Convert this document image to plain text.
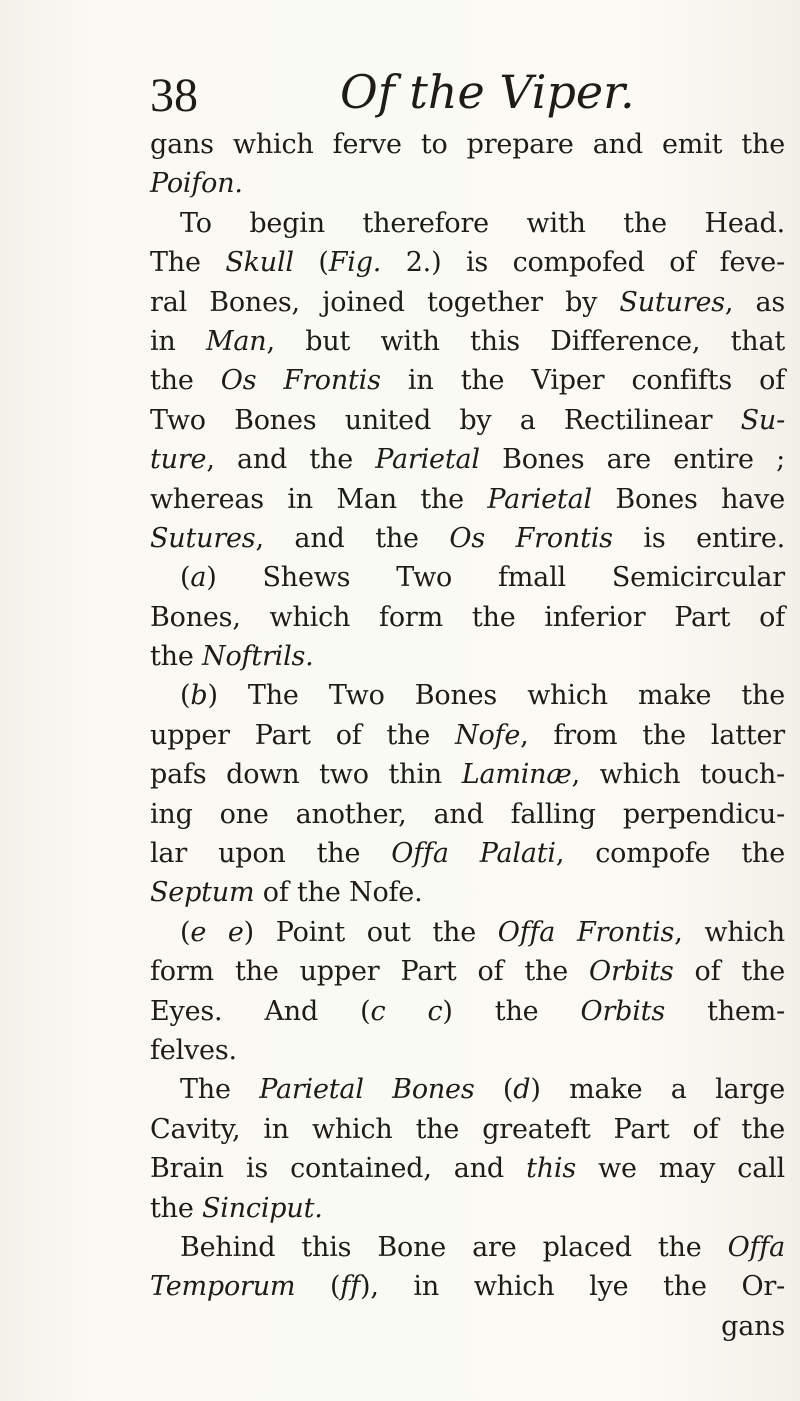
38	Of the Viper.
gans which ferve to prepare and emit the
Poifon.
To begin therefore with the Head.
The Skull (Fig. 2.) is compofed of feve-
ral Bones, joined together by Sutures, as
in Man, but with this Difference, that
the Os Frontis in the Viper confifts of
Two Bones united by a Rectilinear Su-
ture, and the Parietal Bones are entire ;
whereas in Man the Parietal Bones have
Sutures, and the Os Frontis is entire.
(a) Shews Two fmall Semicircular
Bones, which form the inferior Part of
the Noftrils.
(b) The Two Bones which make the
upper Part of the Nofe, from the latter
pafs down two thin Laminæ, which touch-
ing one another, and falling perpendicu-
lar upon the Offa Palati, compofe the
Septum of the Nofe.
(e e) Point out the Offa Frontis, which
form the upper Part of the Orbits of the
Eyes. And (c c) the Orbits them-
felves.
The Parietal Bones (d) make a large
Cavity, in which the greateft Part of the
Brain is contained, and this we may call
the Sinciput.
Behind this Bone are placed the Offa
Temporum (ff), in which lye the Or-
gans
